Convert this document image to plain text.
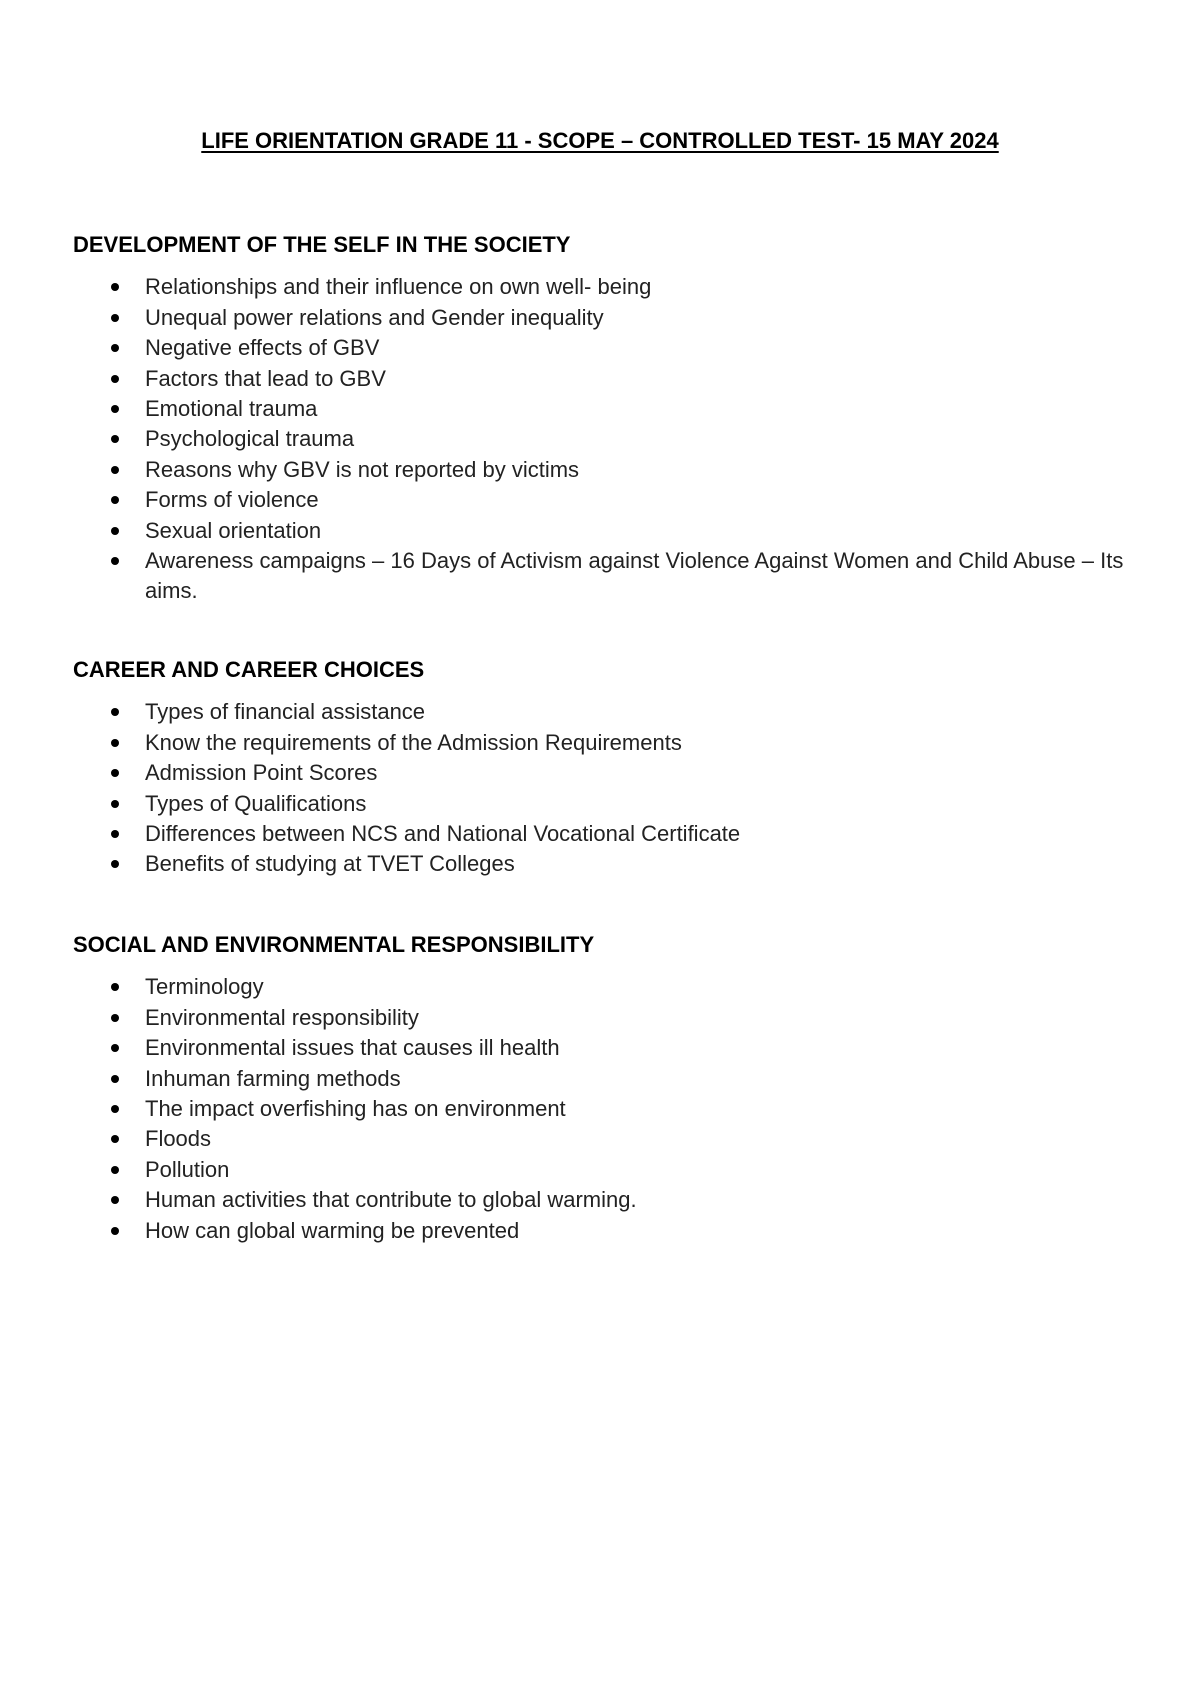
LIFE ORIENTATION GRADE 11 - SCOPE – CONTROLLED TEST- 15 MAY 2024
DEVELOPMENT OF THE SELF IN THE SOCIETY
Relationships and their influence on own well- being
Unequal power relations and Gender inequality
Negative effects of GBV
Factors that lead to GBV
Emotional trauma
Psychological trauma
Reasons why GBV is not reported by victims
Forms of violence
Sexual orientation
Awareness campaigns – 16 Days of Activism against Violence Against Women and Child Abuse – Its aims.
CAREER AND CAREER CHOICES
Types of financial assistance
Know the requirements of the Admission Requirements
Admission Point Scores
Types of Qualifications
Differences between NCS and National Vocational Certificate
Benefits of studying at TVET Colleges
SOCIAL AND ENVIRONMENTAL RESPONSIBILITY
Terminology
Environmental responsibility
Environmental issues that causes ill health
Inhuman farming methods
The impact overfishing has on environment
Floods
Pollution
Human activities that contribute to global warming.
How can global warming be prevented
